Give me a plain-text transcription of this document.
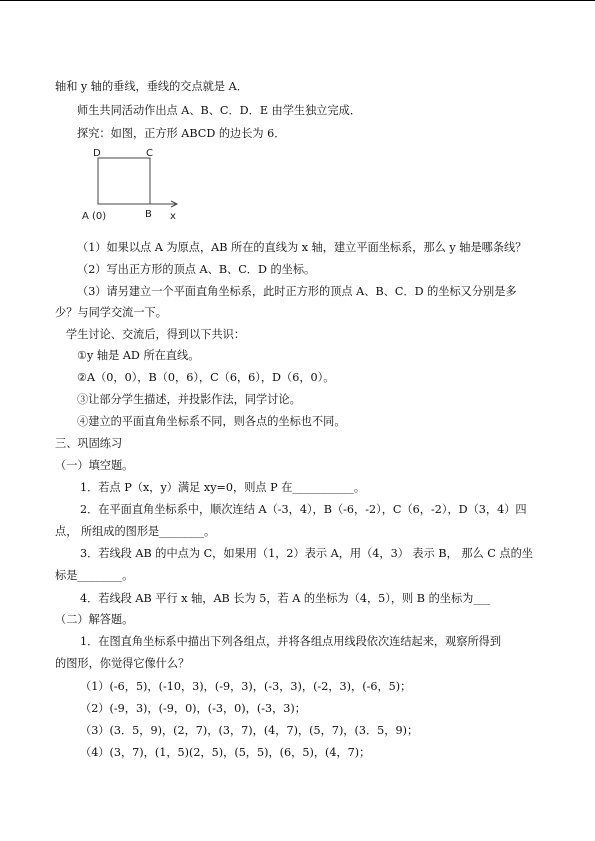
轴和 y 轴的垂线，垂线的交点就是 A．
师生共同活动作出点 A、B、C．D．E 由学生独立完成．
探究：如图，正方形 ABCD 的边长为 6．
D	C
A (0)	B x
（1）如果以点 A 为原点，AB 所在的直线为 x 轴，建立平面坐标系，那么 y 轴是哪条线？
（2）写出正方形的顶点 A、B、C．D 的坐标。
（3）请另建立一个平面直角坐标系，此时正方形的顶点 A、B、C．D 的坐标又分别是多
少？与同学交流一下。
学生讨论、交流后，得到以下共识：
①y 轴是 AD 所在直线。
②A（0，0），B（0，6），C（6，6），D（6，0）。
③让部分学生描述，并投影作法，同学讨论。
④建立的平面直角坐标系不同，则各点的坐标也不同。
三、巩固练习
（一）填空题。
1．若点 P（x，y）满足 xy=0，则点 P 在___________。
2．在平面直角坐标系中，顺次连结 A（-3，4），B（-6，-2），C（6，-2），D（3，4）四
点， 所组成的图形是________。
3．若线段 AB 的中点为 C，如果用（1，2）表示 A，用（4，3） 表示 B， 那么 C 点的坐
标是________。
4．若线段 AB 平行 x 轴，AB 长为 5，若 A 的坐标为（4，5），则 B 的坐标为___
（二）解答题。
1．在图直角坐标系中描出下列各组点，并将各组点用线段依次连结起来，观察所得到
的图形，你觉得它像什么？
（1）(-6，5)，(-10，3)，(-9，3)，(-3，3)，(-2，3)，(-6，5)；
（2）(-9，3)，(-9，0)，(-3，0)，(-3，3)；
（3）(3．5，9)，(2，7)，(3，7)，(4，7)，(5，7)，(3．5，9)；
（4）(3，7)，(1，5)(2，5)，(5，5)，(6，5)，(4，7)；
